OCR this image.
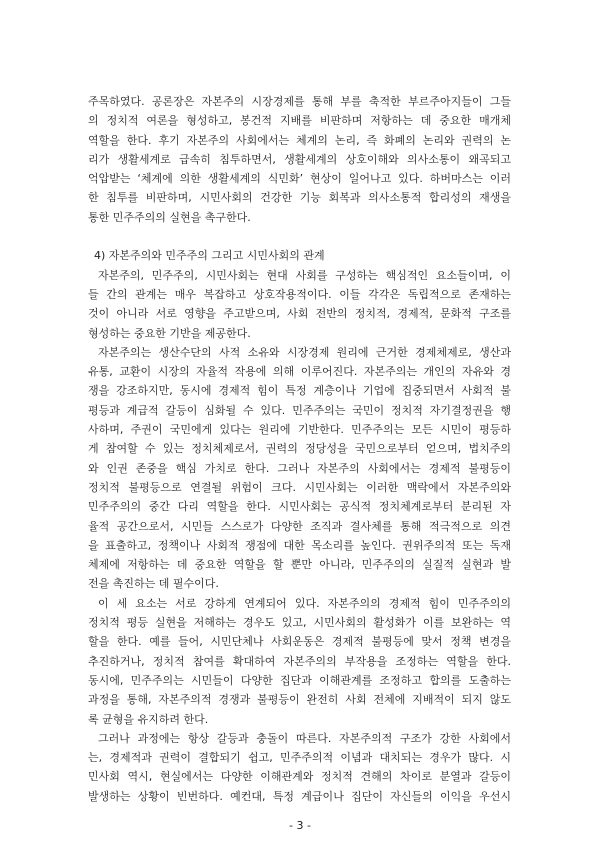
주목하였다. 공론장은 자본주의 시장경제를 통해 부를 축적한 부르주아지들이 그들
의 정치적 여론을 형성하고, 봉건적 지배를 비판하며 저항하는 데 중요한 매개체
역할을 한다. 후기 자본주의 사회에서는 체계의 논리, 즉 화폐의 논리와 권력의 논
리가 생활세계로 급속히 침투하면서, 생활세계의 상호이해와 의사소통이 왜곡되고
억압받는 ‘체계에 의한 생활세계의 식민화’ 현상이 일어나고 있다. 하버마스는 이러
한 침투를 비판하며, 시민사회의 건강한 기능 회복과 의사소통적 합리성의 재생을
통한 민주주의의 실현을 촉구한다.
4) 자본주의와 민주주의 그리고 시민사회의 관계
자본주의, 민주주의, 시민사회는 현대 사회를 구성하는 핵심적인 요소들이며, 이
들 간의 관계는 매우 복잡하고 상호작용적이다. 이들 각각은 독립적으로 존재하는
것이 아니라 서로 영향을 주고받으며, 사회 전반의 정치적, 경제적, 문화적 구조를
형성하는 중요한 기반을 제공한다.
자본주의는 생산수단의 사적 소유와 시장경제 원리에 근거한 경제체제로, 생산과
유통, 교환이 시장의 자율적 작용에 의해 이루어진다. 자본주의는 개인의 자유와 경
쟁을 강조하지만, 동시에 경제적 힘이 특정 계층이나 기업에 집중되면서 사회적 불
평등과 계급적 갈등이 심화될 수 있다. 민주주의는 국민이 정치적 자기결정권을 행
사하며, 주권이 국민에게 있다는 원리에 기반한다. 민주주의는 모든 시민이 평등하
게 참여할 수 있는 정치체제로서, 권력의 정당성을 국민으로부터 얻으며, 법치주의
와 인권 존중을 핵심 가치로 한다. 그러나 자본주의 사회에서는 경제적 불평등이
정치적 불평등으로 연결될 위험이 크다. 시민사회는 이러한 맥락에서 자본주의와
민주주의의 중간 다리 역할을 한다. 시민사회는 공식적 정치체계로부터 분리된 자
율적 공간으로서, 시민들 스스로가 다양한 조직과 결사체를 통해 적극적으로 의견
을 표출하고, 정책이나 사회적 쟁점에 대한 목소리를 높인다. 권위주의적 또는 독재
체제에 저항하는 데 중요한 역할을 할 뿐만 아니라, 민주주의의 실질적 실현과 발
전을 촉진하는 데 필수이다.
이 세 요소는 서로 강하게 연계되어 있다. 자본주의의 경제적 힘이 민주주의의
정치적 평등 실현을 저해하는 경우도 있고, 시민사회의 활성화가 이를 보완하는 역
할을 한다. 예를 들어, 시민단체나 사회운동은 경제적 불평등에 맞서 정책 변경을
추진하거나, 정치적 참여를 확대하여 자본주의의 부작용을 조정하는 역할을 한다.
동시에, 민주주의는 시민들이 다양한 집단과 이해관계를 조정하고 합의를 도출하는
과정을 통해, 자본주의적 경쟁과 불평등이 완전히 사회 전체에 지배적이 되지 않도
록 균형을 유지하려 한다.
그러나 과정에는 항상 갈등과 충돌이 따른다. 자본주의적 구조가 강한 사회에서
는, 경제적과 권력이 결합되기 쉽고, 민주주의적 이념과 대치되는 경우가 많다. 시
민사회 역시, 현실에서는 다양한 이해관계와 정치적 견해의 차이로 분열과 갈등이
발생하는 상황이 빈번하다. 예컨대, 특정 계급이나 집단이 자신들의 이익을 우선시
- 3 -
